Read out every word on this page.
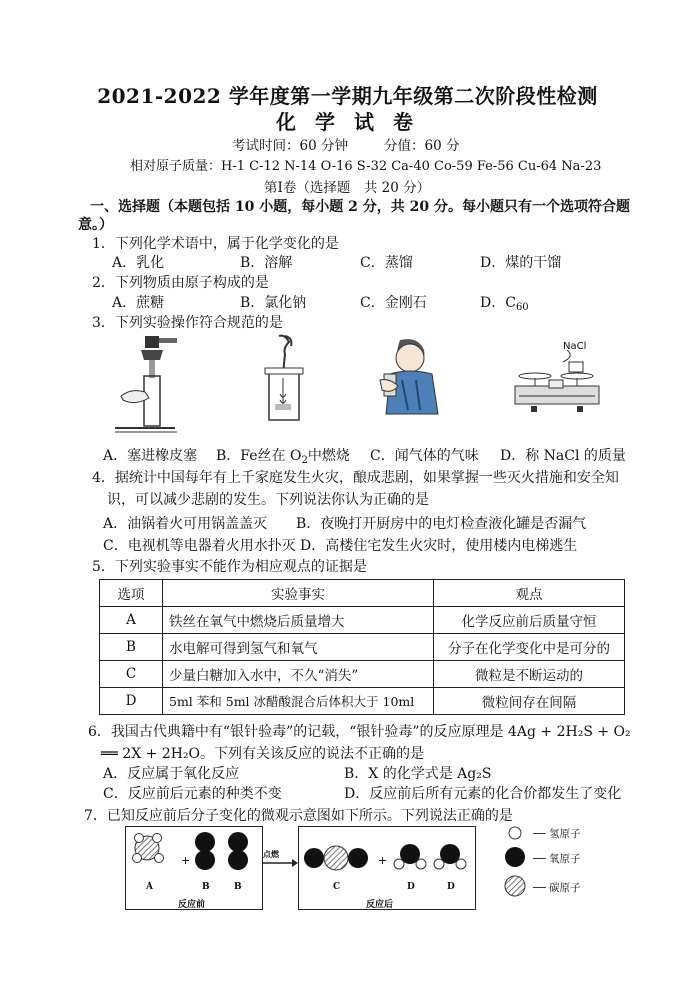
2021-2022 学年度第一学期九年级第二次阶段性检测
化 学 试 卷
考试时间：60 分钟	分值：60 分
相对原子质量：H-1 C-12 N-14 O-16 S-32 Ca-40 Co-59 Fe-56 Cu-64 Na-23
第Ⅰ卷（选择题　共 20 分）
一、选择题（本题包括 10 小题，每小题 2 分，共 20 分。每小题只有一个选项符合题
意。）
1．下列化学术语中，属于化学变化的是
A．乳化	B．溶解	C．蒸馏	D．煤的干馏
2．下列物质由原子构成的是
A．蔗糖	B．氯化钠	C．金刚石	D．$C_{60}$
3．下列实验操作符合规范的是
NaCl
A．塞进橡皮塞 B．Fe丝在 $O_2$中燃烧 C．闻气体的气味 D．称 NaCl 的质量
4．据统计中国每年有上千家庭发生火灾，酿成悲剧，如果掌握一些灭火措施和安全知
识，可以减少悲剧的发生。下列说法你认为正确的是
A．油锅着火可用锅盖盖灭 B．夜晚打开厨房中的电灯检查液化罐是否漏气
C．电视机等电器着火用水扑灭 D．高楼住宅发生火灾时，使用楼内电梯逃生
5．下列实验事实不能作为相应观点的证据是
选项	实验事实	观点
A	铁丝在氧气中燃烧后质量增大	化学反应前后质量守恒
B	水电解可得到氢气和氧气	分子在化学变化中是可分的
C	少量白糖加入水中，不久“消失”	微粒是不断运动的
D	5ml 苯和 5ml 冰醋酸混合后体积大于 10ml	微粒间存在间隔
6．我国古代典籍中有“银针验毒”的记载，“银针验毒”的反应原理是 4Ag + 2H₂S + O₂
══ 2X + 2H₂O。下列有关该反应的说法不正确的是
A．反应属于氧化反应	B．X 的化学式是 Ag₂S
C．反应前后元素的种类不变	D．反应前后所有元素的化合价都发生了变化
7．已知反应前后分子变化的微观示意图如下所示。下列说法正确的是
+
A	B	B
反应前
点燃	+
C	D	D
反应后
── 氢原子
── 氧原子
── 碳原子
